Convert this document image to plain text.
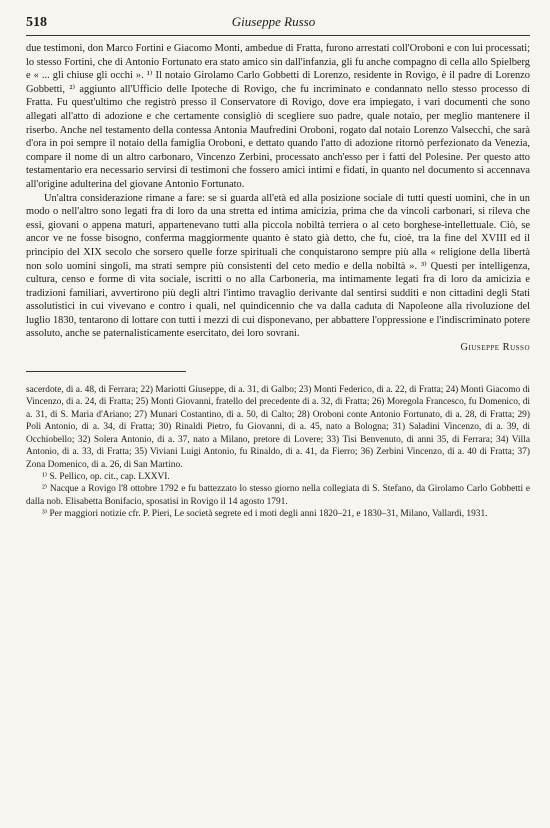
518	Giuseppe Russo

due testimoni, don Marco Fortini e Giacomo Monti, ambedue di Fratta, furono arrestati coll'Oroboni e con lui processati; lo stesso Fortini, che di Antonio Fortunato era stato amico sin dall'infanzia, gli fu anche compagno di cella allo Spielberg e « ... gli chiuse gli occhi ». ¹⁾ Il notaio Girolamo Carlo Gobbetti di Lorenzo, residente in Rovigo, è il padre di Lorenzo Gobbetti, ²⁾ aggiunto all'Ufficio delle Ipoteche di Rovigo, che fu incriminato e condannato nello stesso processo di Fratta. Fu quest'ultimo che registrò presso il Conservatore di Rovigo, dove era impiegato, i vari documenti che sono allegati all'atto di adozione e che certamente consigliò di scegliere suo padre, quale notaio, per meglio mantenere il riserbo. Anche nel testamento della contessa Antonia Maufredini Oroboni, rogato dal notaio Lorenzo Valsecchi, che sarà d'ora in poi sempre il notaio della famiglia Oroboni, e dettato quando l'atto di adozione ritornò perfezionato da Venezia, compare il nome di un altro carbonaro, Vincenzo Zerbini, processato anch'esso per i fatti del Polesine. Per questo atto testamentario era necessario servirsi di testimoni che fossero amici intimi e fidati, in quanto nel documento si accennava all'origine adulterina del giovane Antonio Fortunato.

Un'altra considerazione rimane a fare: se si guarda all'età ed alla posizione sociale di tutti questi uomini, che in un modo o nell'altro sono legati fra di loro da una stretta ed intima amicizia, prima che da vincoli carbonari, si rileva che essi, giovani o appena maturi, appartenevano tutti alla piccola nobiltà terriera o al ceto borghese-intellettuale. Ciò, se ancor ve ne fosse bisogno, conferma maggiormente quanto è stato già detto, che fu, cioè, tra la fine del XVIII ed il principio del XIX secolo che sorsero quelle forze spirituali che conquistarono sempre più alla « religione della libertà non solo uomini singoli, ma strati sempre più consistenti del ceto medio e della nobiltà ». ³⁾ Questi per intelligenza, cultura, censo e forme di vita sociale, iscritti o no alla Carboneria, ma intimamente legati fra di loro da amicizia e tradizioni familiari, avvertirono più degli altri l'intimo travaglio derivante dal sentirsi sudditi e non cittadini degli Stati assolutistici in cui vivevano e contro i quali, nel quindicennio che va dalla caduta di Napoleone alla rivoluzione del luglio 1830, tentarono di lottare con tutti i mezzi di cui disponevano, per abbattere l'oppressione e l'indiscriminato potere assoluto, anche se paternalisticamente esercitato, dei loro sovrani.

Giuseppe Russo

sacerdote, di a. 48, di Ferrara; 22) Mariotti Giuseppe, di a. 31, di Galbo; 23) Monti Federico, di a. 22, di Fratta; 24) Monti Giacomo di Vincenzo, di a. 24, di Fratta; 25) Monti Giovanni, fratello del precedente di a. 32, di Fratta; 26) Moregola Francesco, fu Domenico, di a. 31, di S. Maria d'Ariano; 27) Munari Costantino, di a. 50, di Calto; 28) Oroboni conte Antonio Fortunato, di a. 28, di Fratta; 29) Poli Antonio, di a. 34, di Fratta; 30) Rinaldi Pietro, fu Giovanni, di a. 45, nato a Bologna; 31) Saladini Vincenzo, di a. 39, di Occhiobello; 32) Solera Antonio, di a. 37, nato a Milano, pretore di Lovere; 33) Tisi Benvenuto, di anni 35, di Ferrara; 34) Villa Antonio, di a. 33, di Fratta; 35) Viviani Luigi Antonio, fu Rinaldo, di a. 41, da Fierro; 36) Zerbini Vincenzo, di a. 40 di Fratta; 37) Zona Domenico, di a. 26, di San Martino.

¹⁾ S. Pellico, op. cit., cap. LXXVI.

²⁾ Nacque a Rovigo l'8 ottobre 1792 e fu battezzato lo stesso giorno nella collegiata di S. Stefano, da Girolamo Carlo Gobbetti e dalla nob. Elisabetta Bonifacio, sposatisi in Rovigo il 14 agosto 1791.

³⁾ Per maggiori notizie cfr. P. Pieri, Le società segrete ed i moti degli anni 1820–21, e 1830–31, Milano, Vallardi, 1931.
